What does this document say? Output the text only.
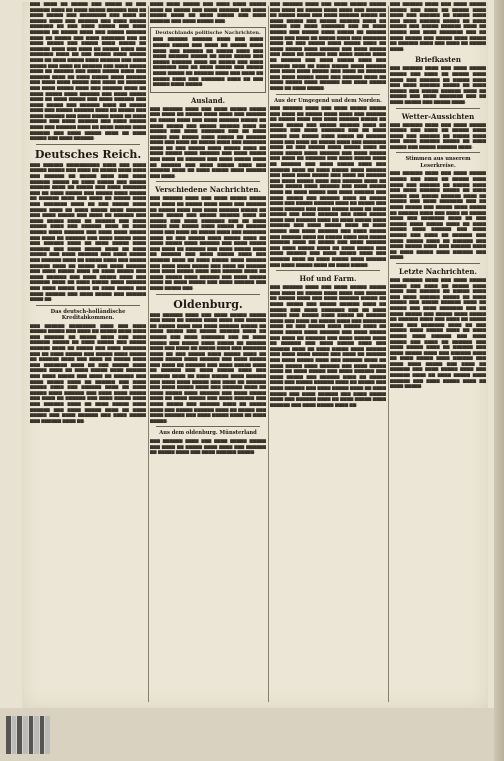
▆▆▆ ▆▆▆▆ ▆▆ ▆▆▆▆▆ ▆▆▆ ▆▆▆▆▆ ▆▆ ▆▆▆ ▆▆▆▆▆▆ ▆▆▆▆ ▆▆ ▆▆▆▆ ▆▆▆▆▆ ▆▆▆▆▆▆ ▆▆▆ ▆▆ ▆▆▆▆ ▆▆▆▆▆ ▆▆▆ ▆▆▆▆▆▆▆▆ ▆▆▆ ▆▆▆▆ ▆▆ ▆▆▆▆▆ ▆▆▆▆ ▆▆▆ ▆▆▆▆▆▆ ▆▆▆ ▆▆▆▆ ▆▆▆▆▆ ▆▆▆▆▆▆▆ ▆▆ ▆▆▆ ▆▆▆▆ ▆▆▆▆▆ ▆▆▆ ▆▆▆▆ ▆▆▆▆▆▆ ▆▆ ▆▆▆▆▆ ▆▆▆▆ ▆▆▆ ▆▆▆▆▆ ▆▆▆▆▆▆ ▆▆▆▆ ▆▆ ▆▆▆▆▆ ▆▆▆ ▆▆▆▆ ▆▆▆▆▆▆▆ ▆▆▆ ▆▆ ▆▆▆▆ ▆▆▆▆▆ ▆▆▆ ▆▆▆▆▆ ▆▆▆▆ ▆▆▆▆▆ ▆▆ ▆▆▆▆▆▆ ▆▆▆▆ ▆▆▆ ▆▆▆▆ ▆▆ ▆▆▆▆▆ ▆▆▆▆ ▆▆▆ ▆▆▆▆▆▆▆ ▆▆▆▆ ▆▆ ▆▆▆ ▆▆▆▆▆ ▆▆▆▆ ▆▆▆▆▆ ▆▆▆▆ ▆▆ ▆▆▆▆ ▆▆▆▆▆ ▆▆▆▆ ▆▆▆▆▆▆ ▆▆▆ ▆▆▆▆ ▆▆▆▆▆ ▆▆▆ ▆▆▆▆ ▆▆ ▆▆▆▆▆▆ ▆▆▆ ▆▆▆▆ ▆▆▆▆▆ ▆▆▆▆ ▆▆ ▆▆▆▆▆▆ ▆▆▆ ▆▆▆▆ ▆▆▆▆▆ ▆▆▆▆ ▆▆▆ ▆▆▆▆▆▆ ▆▆▆▆ ▆▆ ▆▆▆▆ ▆▆▆▆▆ ▆▆▆▆ ▆▆▆▆▆▆ ▆▆▆ ▆▆▆▆ ▆▆▆▆ ▆▆▆▆▆ ▆▆▆ ▆▆▆▆ ▆▆ ▆▆▆▆▆▆ ▆▆▆ ▆▆▆▆ ▆▆▆▆▆ ▆▆▆▆ ▆▆▆ ▆▆▆▆▆▆ ▆▆▆▆ ▆▆ ▆▆▆▆ ▆▆▆▆▆ ▆▆▆▆ ▆▆▆▆▆▆ ▆▆▆ ▆▆▆▆ ▆▆▆▆▆ ▆▆▆▆ ▆▆ ▆▆▆▆ ▆▆▆▆▆ ▆▆▆ ▆▆▆▆ ▆▆▆▆▆▆ ▆▆▆ ▆▆▆▆ ▆▆▆▆▆ ▆▆▆ ▆▆▆▆▆▆ ▆▆▆▆ ▆▆ ▆▆▆▆▆ ▆▆▆▆ ▆▆▆ ▆▆▆▆▆ ▆▆▆▆▆▆ ▆▆▆▆ ▆▆ ▆▆▆▆▆ ▆▆▆ ▆▆▆▆ ▆▆▆▆▆▆ ▆▆▆ ▆▆▆▆ ▆▆▆▆▆ ▆▆▆▆ ▆▆ ▆▆▆▆ ▆▆▆▆▆ ▆▆▆ ▆▆▆▆ ▆▆▆▆▆▆ ▆▆▆ ▆▆▆▆ ▆▆▆▆▆ ▆▆▆▆ ▆▆▆ ▆▆▆▆▆▆ ▆▆▆▆ ▆▆ ▆▆▆▆ ▆▆▆▆▆ ▆▆▆▆ ▆▆▆▆▆▆ ▆▆▆ ▆▆▆▆ ▆▆▆▆▆ ▆▆▆▆ ▆▆ ▆▆▆▆ ▆▆▆▆▆ ▆▆▆ ▆▆▆▆ ▆▆▆▆▆▆.

Deutsches Reich.

▆▆▆ ▆▆▆▆▆▆ ▆▆▆▆▆▆▆▆▆▆ ▆▆▆▆ ▆▆▆ ▆▆▆▆ ▆▆▆▆▆ ▆▆▆▆▆ ▆▆▆ ▆▆▆▆ ▆▆ ▆▆▆▆▆ ▆▆▆▆ ▆▆▆▆ ▆▆▆ ▆▆▆▆▆▆ ▆▆ ▆▆▆▆▆ ▆▆▆▆ ▆▆▆ ▆▆▆▆ ▆▆▆▆▆▆ ▆▆▆▆▆ ▆▆ ▆▆▆▆ ▆▆▆▆▆ ▆▆▆ ▆▆▆▆▆ ▆▆▆▆▆▆ ▆▆▆▆ ▆▆ ▆▆▆▆▆ ▆▆▆ ▆▆▆▆ ▆▆▆▆▆▆▆ ▆▆▆ ▆▆ ▆▆▆▆ ▆▆▆▆▆ ▆▆▆ ▆▆▆▆▆ ▆▆▆▆ ▆▆▆▆▆ ▆▆ ▆▆▆▆▆▆ ▆▆▆▆ ▆▆▆ ▆▆▆▆ ▆▆ ▆▆▆▆▆ ▆▆▆▆ ▆▆▆ ▆▆▆▆▆▆▆ ▆▆▆▆ ▆▆ ▆▆▆ ▆▆▆▆▆ ▆▆▆▆ ▆▆▆▆▆ ▆▆▆▆ ▆▆ ▆▆▆▆ ▆▆▆▆▆ ▆▆▆▆ ▆▆▆▆▆▆ ▆▆▆ ▆▆▆▆ ▆▆▆▆▆ ▆▆▆ ▆▆▆▆ ▆▆ ▆▆▆▆▆▆ ▆▆▆ ▆▆▆▆ ▆▆▆▆▆ ▆▆▆▆ ▆▆ ▆▆▆▆▆▆ ▆▆▆ ▆▆▆▆ ▆▆▆▆▆ ▆▆▆▆ ▆▆▆ ▆▆▆▆▆▆ ▆▆▆▆ ▆▆ ▆▆▆▆ ▆▆▆▆▆ ▆▆▆▆ ▆▆▆▆▆▆ ▆▆▆ ▆▆▆▆ ▆▆▆▆ ▆▆▆▆▆ ▆▆▆ ▆▆▆▆ ▆▆ ▆▆▆▆▆▆ ▆▆▆ ▆▆▆▆ ▆▆▆▆▆ ▆▆▆▆ ▆▆▆ ▆▆▆▆▆▆ ▆▆▆▆ ▆▆ ▆▆▆▆ ▆▆▆▆▆ ▆▆▆▆ ▆▆▆▆▆▆ ▆▆▆ ▆▆▆▆ ▆▆▆▆▆ ▆▆▆▆ ▆▆ ▆▆▆▆ ▆▆▆▆▆ ▆▆▆ ▆▆▆▆ ▆▆▆▆▆▆ ▆▆▆ ▆▆▆▆ ▆▆▆▆▆ ▆▆▆ ▆▆▆▆▆▆ ▆▆▆▆ ▆▆ ▆▆▆▆▆ ▆▆▆▆ ▆▆▆ ▆▆▆▆▆ ▆▆▆▆▆▆ ▆▆▆▆ ▆▆ ▆▆▆▆▆ ▆▆▆ ▆▆▆▆ ▆▆▆▆▆▆ ▆▆▆ ▆▆▆▆ ▆▆▆▆▆ ▆▆▆▆ ▆▆ ▆▆▆▆ ▆▆▆▆▆ ▆▆▆ ▆▆▆▆ ▆▆▆▆▆▆ ▆▆▆ ▆▆▆▆ ▆▆▆▆▆ ▆▆▆▆ ▆▆▆ ▆▆▆▆▆▆ ▆▆▆▆ ▆▆ ▆▆▆▆ ▆▆▆▆▆ ▆▆▆▆ ▆▆▆▆▆▆ ▆▆▆ ▆▆▆▆ ▆▆▆▆▆ ▆▆▆▆ ▆▆ ▆▆▆▆ ▆▆▆▆▆ ▆▆▆ ▆▆▆▆ ▆▆▆▆▆▆ ▆▆▆ ▆▆▆▆ ▆▆▆▆▆ ▆▆▆ ▆▆▆▆▆▆ ▆▆▆▆ ▆▆.

Das deutsch-holländische Kreditabkommen.

▆▆▆ ▆▆▆▆▆▆ ▆▆▆▆▆▆▆▆ ▆▆▆▆ ▆▆▆ ▆▆▆▆ ▆▆▆▆▆ ▆▆▆▆▆ ▆▆▆ ▆▆▆▆ ▆▆ ▆▆▆▆▆ ▆▆▆▆ ▆▆▆▆ ▆▆▆ ▆▆▆▆▆▆ ▆▆ ▆▆▆▆▆ ▆▆▆▆ ▆▆▆ ▆▆▆▆ ▆▆▆▆▆▆ ▆▆▆▆▆ ▆▆ ▆▆▆▆ ▆▆▆▆▆ ▆▆▆ ▆▆▆▆▆ ▆▆▆▆▆▆ ▆▆▆▆ ▆▆ ▆▆▆▆▆ ▆▆▆ ▆▆▆▆ ▆▆▆▆▆▆▆ ▆▆▆ ▆▆ ▆▆▆▆ ▆▆▆▆▆ ▆▆▆ ▆▆▆▆▆ ▆▆▆▆ ▆▆▆▆▆ ▆▆ ▆▆▆▆▆▆ ▆▆▆▆ ▆▆▆ ▆▆▆▆ ▆▆ ▆▆▆▆▆ ▆▆▆▆ ▆▆▆ ▆▆▆▆▆▆▆ ▆▆▆▆ ▆▆ ▆▆▆ ▆▆▆▆▆ ▆▆▆▆ ▆▆▆▆▆ ▆▆▆▆ ▆▆ ▆▆▆▆ ▆▆▆▆▆ ▆▆▆▆ ▆▆▆▆▆▆ ▆▆▆ ▆▆▆▆ ▆▆▆▆▆ ▆▆▆ ▆▆▆▆ ▆▆ ▆▆▆▆▆▆ ▆▆▆ ▆▆▆▆ ▆▆▆▆▆ ▆▆▆▆ ▆▆ ▆▆▆▆▆▆ ▆▆▆ ▆▆▆▆ ▆▆▆▆▆ ▆▆▆▆ ▆▆▆ ▆▆▆▆▆▆ ▆▆▆▆ ▆▆ ▆▆▆▆ ▆▆▆▆▆ ▆▆▆▆ ▆▆▆▆▆▆ ▆▆▆ ▆▆▆▆ ▆▆▆▆ ▆▆▆▆▆ ▆▆▆ ▆▆▆▆ ▆▆ ▆▆▆▆▆▆ ▆▆▆ ▆▆▆▆ ▆▆▆▆▆ ▆▆▆▆ ▆▆▆ ▆▆▆▆▆▆ ▆▆▆▆ ▆▆ ▆▆▆▆ ▆▆▆▆▆ ▆▆▆▆ ▆▆▆▆▆▆ ▆▆▆ ▆▆▆▆ ▆▆▆▆▆ ▆▆▆▆ ▆▆ ▆▆▆▆ ▆▆▆▆▆ ▆▆▆ ▆▆▆▆ ▆▆▆▆▆▆ ▆▆▆ ▆▆▆▆ ▆▆▆▆▆ ▆▆▆ ▆▆▆▆▆▆ ▆▆▆▆ ▆▆.

▆▆▆▆ ▆▆▆▆ ▆▆▆▆▆ ▆▆▆ ▆▆▆▆ ▆▆▆▆ ▆▆▆▆▆ ▆▆▆▆ ▆▆ ▆▆▆▆▆ ▆▆▆ ▆▆▆▆ ▆▆▆▆▆▆ ▆▆▆ ▆▆▆▆ ▆▆▆▆▆ ▆▆▆▆ ▆▆ ▆▆▆▆ ▆▆▆▆▆ ▆▆▆ ▆▆▆▆ ▆▆▆▆▆▆ ▆▆▆ ▆▆▆▆ ▆▆▆▆▆ ▆▆▆.

Deutschlands politische Nachrichten.

▆▆▆ ▆▆▆▆▆▆ ▆▆▆▆▆▆ ▆▆▆▆ ▆▆▆ ▆▆▆▆ ▆▆▆▆▆ ▆▆▆▆▆ ▆▆▆ ▆▆▆▆ ▆▆ ▆▆▆▆▆ ▆▆▆▆ ▆▆▆▆ ▆▆▆ ▆▆▆▆▆▆ ▆▆ ▆▆▆▆▆ ▆▆▆▆ ▆▆▆ ▆▆▆▆ ▆▆▆▆▆▆ ▆▆▆▆▆ ▆▆ ▆▆▆▆ ▆▆▆▆▆ ▆▆▆ ▆▆▆▆▆ ▆▆▆▆▆▆ ▆▆▆▆ ▆▆ ▆▆▆▆▆ ▆▆▆ ▆▆▆▆ ▆▆▆▆▆▆▆ ▆▆▆ ▆▆ ▆▆▆▆ ▆▆▆▆▆ ▆▆▆ ▆▆▆▆▆ ▆▆▆▆ ▆▆▆▆▆ ▆▆ ▆▆▆▆▆▆ ▆▆▆▆ ▆▆▆ ▆▆▆▆ ▆▆ ▆▆▆▆▆ ▆▆▆▆ ▆▆▆ ▆▆▆▆▆▆▆ ▆▆▆▆ ▆▆ ▆▆▆ ▆▆▆▆▆ ▆▆▆▆ ▆▆▆▆▆.

Ausland.

▆▆▆ ▆▆▆▆▆▆ ▆▆▆▆ ▆▆▆ ▆▆▆▆ ▆▆▆▆▆ ▆▆▆▆▆ ▆▆▆ ▆▆▆▆ ▆▆ ▆▆▆▆▆ ▆▆▆▆ ▆▆▆▆ ▆▆▆ ▆▆▆▆▆▆ ▆▆ ▆▆▆▆▆ ▆▆▆▆ ▆▆▆ ▆▆▆▆ ▆▆▆▆▆▆ ▆▆▆▆▆ ▆▆ ▆▆▆▆ ▆▆▆▆▆ ▆▆▆ ▆▆▆▆▆ ▆▆▆▆▆▆ ▆▆▆▆ ▆▆ ▆▆▆▆▆ ▆▆▆ ▆▆▆▆ ▆▆▆▆▆▆▆ ▆▆▆ ▆▆ ▆▆▆▆ ▆▆▆▆▆ ▆▆▆ ▆▆▆▆▆ ▆▆▆▆ ▆▆▆▆▆ ▆▆ ▆▆▆▆▆▆ ▆▆▆▆ ▆▆▆ ▆▆▆▆ ▆▆ ▆▆▆▆▆ ▆▆▆▆ ▆▆▆ ▆▆▆▆▆▆▆ ▆▆▆▆ ▆▆ ▆▆▆ ▆▆▆▆▆ ▆▆▆▆ ▆▆▆▆▆ ▆▆▆▆ ▆▆ ▆▆▆▆ ▆▆▆▆▆ ▆▆▆▆ ▆▆▆▆▆▆ ▆▆▆ ▆▆▆▆ ▆▆▆▆▆ ▆▆▆ ▆▆▆▆ ▆▆ ▆▆▆▆▆▆ ▆▆▆ ▆▆▆▆ ▆▆▆▆▆ ▆▆▆▆ ▆▆ ▆▆▆▆▆▆ ▆▆▆ ▆▆▆▆ ▆▆▆▆▆ ▆▆▆▆ ▆▆▆ ▆▆▆▆▆▆ ▆▆▆▆ ▆▆ ▆▆▆▆ ▆▆▆▆▆ ▆▆▆▆ ▆▆▆▆▆▆ ▆▆▆ ▆▆▆▆.

Verschiedene Nachrichten.

▆▆▆ ▆▆▆▆▆▆ ▆▆▆▆ ▆▆▆ ▆▆▆▆ ▆▆▆▆▆ ▆▆▆▆▆ ▆▆▆ ▆▆▆▆ ▆▆ ▆▆▆▆▆ ▆▆▆▆ ▆▆▆▆ ▆▆▆ ▆▆▆▆▆▆ ▆▆ ▆▆▆▆▆ ▆▆▆▆ ▆▆▆ ▆▆▆▆ ▆▆▆▆▆▆ ▆▆▆▆▆ ▆▆ ▆▆▆▆ ▆▆▆▆▆ ▆▆▆ ▆▆▆▆▆ ▆▆▆▆▆▆ ▆▆▆▆ ▆▆ ▆▆▆▆▆ ▆▆▆ ▆▆▆▆ ▆▆▆▆▆▆▆ ▆▆▆ ▆▆ ▆▆▆▆ ▆▆▆▆▆ ▆▆▆ ▆▆▆▆▆ ▆▆▆▆ ▆▆▆▆▆ ▆▆ ▆▆▆▆▆▆ ▆▆▆▆ ▆▆▆ ▆▆▆▆ ▆▆ ▆▆▆▆▆ ▆▆▆▆ ▆▆▆ ▆▆▆▆▆▆▆ ▆▆▆▆ ▆▆ ▆▆▆ ▆▆▆▆▆ ▆▆▆▆ ▆▆▆▆▆ ▆▆▆▆ ▆▆ ▆▆▆▆ ▆▆▆▆▆ ▆▆▆▆ ▆▆▆▆▆▆ ▆▆▆ ▆▆▆▆ ▆▆▆▆▆ ▆▆▆ ▆▆▆▆ ▆▆ ▆▆▆▆▆▆ ▆▆▆ ▆▆▆▆ ▆▆▆▆▆ ▆▆▆▆ ▆▆ ▆▆▆▆▆▆ ▆▆▆ ▆▆▆▆ ▆▆▆▆▆ ▆▆▆▆ ▆▆▆ ▆▆▆▆▆▆ ▆▆▆▆ ▆▆ ▆▆▆▆ ▆▆▆▆▆ ▆▆▆▆ ▆▆▆▆▆▆ ▆▆▆ ▆▆▆▆ ▆▆▆▆ ▆▆▆▆▆ ▆▆▆ ▆▆▆▆ ▆▆ ▆▆▆▆▆▆ ▆▆▆ ▆▆▆▆ ▆▆▆▆▆ ▆▆▆▆ ▆▆▆ ▆▆▆▆▆▆ ▆▆▆▆ ▆▆ ▆▆▆▆ ▆▆▆▆▆ ▆▆▆▆ ▆▆▆▆▆▆ ▆▆▆ ▆▆▆▆ ▆▆▆▆▆ ▆▆▆▆ ▆▆ ▆▆▆▆ ▆▆▆▆▆ ▆▆▆ ▆▆▆▆ ▆▆▆▆▆▆ ▆▆▆ ▆▆▆▆ ▆▆▆▆▆ ▆▆▆.

Oldenburg.

▆▆▆ ▆▆▆▆▆▆ ▆▆▆▆ ▆▆▆ ▆▆▆▆ ▆▆▆▆▆ ▆▆▆▆▆ ▆▆▆ ▆▆▆▆ ▆▆ ▆▆▆▆▆ ▆▆▆▆ ▆▆▆▆ ▆▆▆ ▆▆▆▆▆▆ ▆▆ ▆▆▆▆▆ ▆▆▆▆ ▆▆▆ ▆▆▆▆ ▆▆▆▆▆▆ ▆▆▆▆▆ ▆▆ ▆▆▆▆ ▆▆▆▆▆ ▆▆▆ ▆▆▆▆▆ ▆▆▆▆▆▆ ▆▆▆▆ ▆▆ ▆▆▆▆▆ ▆▆▆ ▆▆▆▆ ▆▆▆▆▆▆▆ ▆▆▆ ▆▆ ▆▆▆▆ ▆▆▆▆▆ ▆▆▆ ▆▆▆▆▆ ▆▆▆▆ ▆▆▆▆▆ ▆▆ ▆▆▆▆▆▆ ▆▆▆▆ ▆▆▆ ▆▆▆▆ ▆▆ ▆▆▆▆▆ ▆▆▆▆ ▆▆▆ ▆▆▆▆▆▆▆ ▆▆▆▆ ▆▆ ▆▆▆ ▆▆▆▆▆ ▆▆▆▆ ▆▆▆▆▆ ▆▆▆▆ ▆▆ ▆▆▆▆ ▆▆▆▆▆ ▆▆▆▆ ▆▆▆▆▆▆ ▆▆▆ ▆▆▆▆ ▆▆▆▆▆ ▆▆▆ ▆▆▆▆ ▆▆ ▆▆▆▆▆▆ ▆▆▆ ▆▆▆▆ ▆▆▆▆▆ ▆▆▆▆ ▆▆ ▆▆▆▆▆▆ ▆▆▆ ▆▆▆▆ ▆▆▆▆▆ ▆▆▆▆ ▆▆▆ ▆▆▆▆▆▆ ▆▆▆▆ ▆▆ ▆▆▆▆ ▆▆▆▆▆ ▆▆▆▆ ▆▆▆▆▆▆ ▆▆▆ ▆▆▆▆ ▆▆▆▆ ▆▆▆▆▆ ▆▆▆ ▆▆▆▆ ▆▆ ▆▆▆▆▆▆ ▆▆▆ ▆▆▆▆ ▆▆▆▆▆ ▆▆▆▆ ▆▆▆ ▆▆▆▆▆▆ ▆▆▆▆ ▆▆ ▆▆▆▆ ▆▆▆▆▆ ▆▆▆▆ ▆▆▆▆▆▆ ▆▆▆ ▆▆▆▆ ▆▆▆▆▆ ▆▆▆▆ ▆▆ ▆▆▆▆ ▆▆▆▆▆ ▆▆▆ ▆▆▆▆ ▆▆▆▆▆▆ ▆▆▆ ▆▆▆▆ ▆▆▆▆▆ ▆▆▆ ▆▆▆▆▆▆ ▆▆▆▆ ▆▆ ▆▆▆▆▆ ▆▆▆▆ ▆▆▆ ▆▆▆▆▆ ▆▆▆▆▆▆ ▆▆▆▆ ▆▆ ▆▆▆▆▆ ▆▆▆ ▆▆▆▆ ▆▆▆▆▆▆ ▆▆▆ ▆▆▆▆ ▆▆▆▆▆ ▆▆▆▆ ▆▆ ▆▆▆▆ ▆▆▆▆▆.

Aus dem oldenburg. Münsterland

▆▆▆ ▆▆▆▆▆▆ ▆▆▆▆ ▆▆▆ ▆▆▆▆ ▆▆▆▆▆ ▆▆▆▆▆ ▆▆▆ ▆▆▆▆ ▆▆ ▆▆▆▆▆ ▆▆▆▆ ▆▆▆▆ ▆▆▆ ▆▆▆▆▆▆ ▆▆ ▆▆▆▆▆ ▆▆▆▆ ▆▆▆ ▆▆▆▆ ▆▆▆▆▆▆ ▆▆▆▆▆.

▆▆▆ ▆▆▆▆▆▆ ▆▆▆▆ ▆▆▆ ▆▆▆▆ ▆▆▆▆▆ ▆▆▆▆▆ ▆▆▆ ▆▆▆▆ ▆▆ ▆▆▆▆▆ ▆▆▆▆ ▆▆▆▆ ▆▆▆ ▆▆▆▆▆▆ ▆▆ ▆▆▆▆▆ ▆▆▆▆ ▆▆▆ ▆▆▆▆ ▆▆▆▆▆▆ ▆▆▆▆▆ ▆▆ ▆▆▆▆ ▆▆▆▆▆ ▆▆▆ ▆▆▆▆▆ ▆▆▆▆▆▆ ▆▆▆▆ ▆▆ ▆▆▆▆▆ ▆▆▆ ▆▆▆▆ ▆▆▆▆▆▆▆ ▆▆▆ ▆▆ ▆▆▆▆ ▆▆▆▆▆ ▆▆▆ ▆▆▆▆▆ ▆▆▆▆ ▆▆▆▆▆ ▆▆ ▆▆▆▆▆▆ ▆▆▆▆ ▆▆▆ ▆▆▆▆ ▆▆ ▆▆▆▆▆ ▆▆▆▆ ▆▆▆ ▆▆▆▆▆▆▆ ▆▆▆▆ ▆▆ ▆▆▆ ▆▆▆▆▆ ▆▆▆▆ ▆▆▆▆▆ ▆▆▆▆ ▆▆ ▆▆▆▆ ▆▆▆▆▆ ▆▆▆▆ ▆▆▆▆▆▆ ▆▆▆ ▆▆▆▆ ▆▆▆▆▆ ▆▆▆ ▆▆▆▆ ▆▆ ▆▆▆▆▆▆ ▆▆▆ ▆▆▆▆ ▆▆▆▆▆ ▆▆▆▆ ▆▆ ▆▆▆▆▆▆ ▆▆▆ ▆▆▆▆ ▆▆▆▆▆ ▆▆▆▆ ▆▆▆ ▆▆▆▆▆▆ ▆▆▆▆ ▆▆ ▆▆▆▆ ▆▆▆▆▆ ▆▆▆▆ ▆▆▆▆▆▆ ▆▆▆ ▆▆▆▆ ▆▆▆▆ ▆▆▆▆▆ ▆▆▆ ▆▆▆▆ ▆▆ ▆▆▆▆▆▆ ▆▆▆ ▆▆▆▆ ▆▆▆▆▆ ▆▆▆▆ ▆▆▆ ▆▆▆▆▆▆ ▆▆▆▆ ▆▆ ▆▆▆▆ ▆▆▆▆▆ ▆▆▆▆ ▆▆▆▆▆▆ ▆▆▆ ▆▆▆▆ ▆▆▆▆▆ ▆▆▆▆ ▆▆ ▆▆▆▆ ▆▆▆▆▆.

Aus der Umgegend und dem Norden.

▆▆▆ ▆▆▆▆▆▆ ▆▆▆▆ ▆▆▆ ▆▆▆▆ ▆▆▆▆▆ ▆▆▆▆▆ ▆▆▆ ▆▆▆▆ ▆▆ ▆▆▆▆▆ ▆▆▆▆ ▆▆▆▆ ▆▆▆ ▆▆▆▆▆▆ ▆▆ ▆▆▆▆▆ ▆▆▆▆ ▆▆▆ ▆▆▆▆ ▆▆▆▆▆▆ ▆▆▆▆▆ ▆▆ ▆▆▆▆ ▆▆▆▆▆ ▆▆▆ ▆▆▆▆▆ ▆▆▆▆▆▆ ▆▆▆▆ ▆▆ ▆▆▆▆▆ ▆▆▆ ▆▆▆▆ ▆▆▆▆▆▆▆ ▆▆▆ ▆▆ ▆▆▆▆ ▆▆▆▆▆ ▆▆▆ ▆▆▆▆▆ ▆▆▆▆ ▆▆▆▆▆ ▆▆ ▆▆▆▆▆▆ ▆▆▆▆ ▆▆▆ ▆▆▆▆ ▆▆ ▆▆▆▆▆ ▆▆▆▆ ▆▆▆ ▆▆▆▆▆▆▆ ▆▆▆▆ ▆▆ ▆▆▆ ▆▆▆▆▆ ▆▆▆▆ ▆▆▆▆▆ ▆▆▆▆ ▆▆ ▆▆▆▆ ▆▆▆▆▆ ▆▆▆▆ ▆▆▆▆▆▆ ▆▆▆ ▆▆▆▆ ▆▆▆▆▆ ▆▆▆ ▆▆▆▆ ▆▆ ▆▆▆▆▆▆ ▆▆▆ ▆▆▆▆ ▆▆▆▆▆ ▆▆▆▆ ▆▆ ▆▆▆▆▆▆ ▆▆▆ ▆▆▆▆ ▆▆▆▆▆ ▆▆▆▆ ▆▆▆ ▆▆▆▆▆▆ ▆▆▆▆ ▆▆ ▆▆▆▆ ▆▆▆▆▆ ▆▆▆▆ ▆▆▆▆▆▆ ▆▆▆ ▆▆▆▆ ▆▆▆▆ ▆▆▆▆▆ ▆▆▆ ▆▆▆▆ ▆▆ ▆▆▆▆▆▆ ▆▆▆ ▆▆▆▆ ▆▆▆▆▆ ▆▆▆▆ ▆▆▆ ▆▆▆▆▆▆ ▆▆▆▆ ▆▆ ▆▆▆▆ ▆▆▆▆▆ ▆▆▆▆ ▆▆▆▆▆▆ ▆▆▆ ▆▆▆▆ ▆▆▆▆▆ ▆▆▆▆ ▆▆ ▆▆▆▆ ▆▆▆▆▆ ▆▆▆ ▆▆▆▆ ▆▆▆▆▆▆ ▆▆▆ ▆▆▆▆ ▆▆▆▆▆ ▆▆▆ ▆▆▆▆▆▆ ▆▆▆▆ ▆▆ ▆▆▆▆▆ ▆▆▆▆ ▆▆▆ ▆▆▆▆▆ ▆▆▆▆▆▆ ▆▆▆▆ ▆▆ ▆▆▆▆▆ ▆▆▆ ▆▆▆▆ ▆▆▆▆▆▆ ▆▆▆ ▆▆▆▆ ▆▆▆▆▆ ▆▆▆▆ ▆▆ ▆▆▆▆ ▆▆▆▆▆ ▆▆▆ ▆▆▆▆ ▆▆▆▆▆▆ ▆▆▆ ▆▆▆▆ ▆▆▆▆▆ ▆▆▆▆ ▆▆▆ ▆▆▆▆▆▆ ▆▆▆▆ ▆▆ ▆▆▆▆ ▆▆▆▆▆ ▆▆▆▆ ▆▆▆▆▆▆ ▆▆▆ ▆▆▆▆ ▆▆▆▆▆ ▆▆▆▆ ▆▆ ▆▆▆▆ ▆▆▆▆▆ ▆▆▆ ▆▆▆▆ ▆▆▆▆▆▆ ▆▆▆ ▆▆▆▆ ▆▆▆▆▆ ▆▆▆ ▆▆▆▆▆▆ ▆▆▆▆ ▆▆ ▆▆▆▆▆ ▆▆▆▆ ▆▆▆ ▆▆▆▆▆ ▆▆▆▆▆▆ ▆▆▆▆ ▆▆ ▆▆▆▆▆ ▆▆▆ ▆▆▆▆ ▆▆▆▆▆▆ ▆▆▆ ▆▆▆▆ ▆▆▆▆▆ ▆▆▆▆ ▆▆ ▆▆▆▆ ▆▆▆▆▆ ▆▆▆ ▆▆▆▆ ▆▆▆▆▆▆ ▆▆▆ ▆▆▆▆ ▆▆▆▆▆ ▆▆▆▆ ▆▆▆ ▆▆▆▆▆▆ ▆▆▆▆ ▆▆ ▆▆▆▆ ▆▆▆▆▆ ▆▆▆▆ ▆▆▆▆▆▆ ▆▆▆ ▆▆▆▆ ▆▆▆▆▆ ▆▆▆▆ ▆▆ ▆▆▆▆ ▆▆▆▆▆.

Hof und Farm.

▆▆▆ ▆▆▆▆▆▆ ▆▆▆▆ ▆▆▆ ▆▆▆▆ ▆▆▆▆▆ ▆▆▆▆▆ ▆▆▆ ▆▆▆▆ ▆▆ ▆▆▆▆▆ ▆▆▆▆ ▆▆▆▆ ▆▆▆ ▆▆▆▆▆▆ ▆▆ ▆▆▆▆▆ ▆▆▆▆ ▆▆▆ ▆▆▆▆ ▆▆▆▆▆▆ ▆▆▆▆▆ ▆▆ ▆▆▆▆ ▆▆▆▆▆ ▆▆▆ ▆▆▆▆▆ ▆▆▆▆▆▆ ▆▆▆▆ ▆▆ ▆▆▆▆▆ ▆▆▆ ▆▆▆▆ ▆▆▆▆▆▆▆ ▆▆▆ ▆▆ ▆▆▆▆ ▆▆▆▆▆ ▆▆▆ ▆▆▆▆▆ ▆▆▆▆ ▆▆▆▆▆ ▆▆ ▆▆▆▆▆▆ ▆▆▆▆ ▆▆▆ ▆▆▆▆ ▆▆ ▆▆▆▆▆ ▆▆▆▆ ▆▆▆ ▆▆▆▆▆▆▆ ▆▆▆▆ ▆▆ ▆▆▆ ▆▆▆▆▆ ▆▆▆▆ ▆▆▆▆▆ ▆▆▆▆ ▆▆ ▆▆▆▆ ▆▆▆▆▆ ▆▆▆▆ ▆▆▆▆▆▆ ▆▆▆ ▆▆▆▆ ▆▆▆▆▆ ▆▆▆ ▆▆▆▆ ▆▆ ▆▆▆▆▆▆ ▆▆▆ ▆▆▆▆ ▆▆▆▆▆ ▆▆▆▆ ▆▆ ▆▆▆▆▆▆ ▆▆▆ ▆▆▆▆ ▆▆▆▆▆ ▆▆▆▆ ▆▆▆ ▆▆▆▆▆▆ ▆▆▆▆ ▆▆ ▆▆▆▆ ▆▆▆▆▆ ▆▆▆▆ ▆▆▆▆▆▆ ▆▆▆ ▆▆▆▆ ▆▆▆▆ ▆▆▆▆▆ ▆▆▆ ▆▆▆▆ ▆▆ ▆▆▆▆▆▆ ▆▆▆ ▆▆▆▆ ▆▆▆▆▆ ▆▆▆▆ ▆▆▆ ▆▆▆▆▆▆ ▆▆▆▆ ▆▆ ▆▆▆▆ ▆▆▆▆▆ ▆▆▆▆ ▆▆▆▆▆▆ ▆▆▆ ▆▆▆▆ ▆▆▆▆▆ ▆▆▆▆ ▆▆ ▆▆▆▆ ▆▆▆▆▆ ▆▆▆ ▆▆▆▆ ▆▆▆▆▆▆ ▆▆▆ ▆▆▆▆ ▆▆▆▆▆ ▆▆▆ ▆▆▆▆▆▆ ▆▆▆▆ ▆▆ ▆▆▆▆▆ ▆▆▆▆ ▆▆▆ ▆▆▆▆▆ ▆▆▆▆▆▆ ▆▆▆▆ ▆▆ ▆▆▆▆▆ ▆▆▆ ▆▆▆▆ ▆▆▆▆▆▆ ▆▆▆ ▆▆▆▆ ▆▆▆▆▆ ▆▆▆▆ ▆▆ ▆▆▆▆ ▆▆▆▆▆ ▆▆▆ ▆▆▆▆ ▆▆▆▆▆▆ ▆▆▆ ▆▆▆▆ ▆▆▆▆▆ ▆▆▆▆ ▆▆▆ ▆▆▆▆▆▆ ▆▆▆▆ ▆▆ ▆▆▆▆ ▆▆▆▆▆ ▆▆▆▆ ▆▆▆▆▆▆ ▆▆▆ ▆▆▆▆ ▆▆▆▆▆ ▆▆▆▆ ▆▆.

▆▆▆ ▆▆▆▆▆▆ ▆▆▆▆ ▆▆▆ ▆▆▆▆ ▆▆▆▆▆ ▆▆▆▆▆ ▆▆▆ ▆▆▆▆ ▆▆ ▆▆▆▆▆ ▆▆▆▆ ▆▆▆▆ ▆▆▆ ▆▆▆▆▆▆ ▆▆ ▆▆▆▆▆ ▆▆▆▆ ▆▆▆ ▆▆▆▆ ▆▆▆▆▆▆ ▆▆▆▆▆ ▆▆ ▆▆▆▆ ▆▆▆▆▆ ▆▆▆ ▆▆▆▆▆ ▆▆▆▆▆▆ ▆▆▆▆ ▆▆ ▆▆▆▆▆ ▆▆▆ ▆▆▆▆ ▆▆▆▆▆▆▆ ▆▆▆ ▆▆ ▆▆▆▆ ▆▆▆▆▆ ▆▆▆ ▆▆▆▆▆ ▆▆▆▆ ▆▆▆▆▆ ▆▆ ▆▆▆▆▆▆ ▆▆▆▆ ▆▆▆ ▆▆▆▆ ▆▆ ▆▆▆▆▆ ▆▆▆▆.

Briefkasten

▆▆▆ ▆▆▆▆▆▆ ▆▆▆▆ ▆▆▆ ▆▆▆▆ ▆▆▆▆▆ ▆▆▆▆▆ ▆▆▆ ▆▆▆▆ ▆▆ ▆▆▆▆▆ ▆▆▆▆ ▆▆▆▆ ▆▆▆ ▆▆▆▆▆▆ ▆▆ ▆▆▆▆▆ ▆▆▆▆ ▆▆▆ ▆▆▆▆ ▆▆▆▆▆▆ ▆▆▆▆▆ ▆▆ ▆▆▆▆ ▆▆▆▆▆ ▆▆▆ ▆▆▆▆▆ ▆▆▆▆▆▆ ▆▆▆▆ ▆▆ ▆▆▆▆▆ ▆▆▆ ▆▆▆▆ ▆▆▆▆▆▆▆ ▆▆▆ ▆▆ ▆▆▆▆ ▆▆▆▆▆ ▆▆▆ ▆▆▆▆▆ ▆▆▆▆.

Wetter-Aussichten

▆▆▆ ▆▆▆▆▆▆ ▆▆▆▆ ▆▆▆ ▆▆▆▆ ▆▆▆▆▆ ▆▆▆▆▆ ▆▆▆ ▆▆▆▆ ▆▆ ▆▆▆▆▆ ▆▆▆▆ ▆▆▆▆ ▆▆▆ ▆▆▆▆▆▆ ▆▆ ▆▆▆▆▆ ▆▆▆▆ ▆▆▆ ▆▆▆▆ ▆▆▆▆▆▆ ▆▆▆▆▆ ▆▆ ▆▆▆▆ ▆▆▆▆▆ ▆▆▆ ▆▆▆▆▆ ▆▆▆▆▆▆ ▆▆▆▆.

Stimmen aus unserem Leserkreise.

▆▆▆ ▆▆▆▆▆▆ ▆▆▆▆ ▆▆▆ ▆▆▆▆ ▆▆▆▆▆ ▆▆▆▆▆ ▆▆▆ ▆▆▆▆ ▆▆ ▆▆▆▆▆ ▆▆▆▆ ▆▆▆▆ ▆▆▆ ▆▆▆▆▆▆ ▆▆ ▆▆▆▆▆ ▆▆▆▆ ▆▆▆ ▆▆▆▆ ▆▆▆▆▆▆ ▆▆▆▆▆ ▆▆ ▆▆▆▆ ▆▆▆▆▆ ▆▆▆ ▆▆▆▆▆ ▆▆▆▆▆▆ ▆▆▆▆ ▆▆ ▆▆▆▆▆ ▆▆▆ ▆▆▆▆ ▆▆▆▆▆▆▆ ▆▆▆ ▆▆ ▆▆▆▆ ▆▆▆▆▆ ▆▆▆ ▆▆▆▆▆ ▆▆▆▆ ▆▆▆▆▆ ▆▆ ▆▆▆▆▆▆ ▆▆▆▆ ▆▆▆ ▆▆▆▆ ▆▆ ▆▆▆▆▆ ▆▆▆▆ ▆▆▆ ▆▆▆▆▆▆▆ ▆▆▆▆ ▆▆ ▆▆▆ ▆▆▆▆▆ ▆▆▆▆ ▆▆▆▆▆ ▆▆▆▆ ▆▆ ▆▆▆▆ ▆▆▆▆▆ ▆▆▆▆ ▆▆▆▆▆▆ ▆▆▆ ▆▆▆▆ ▆▆▆▆▆ ▆▆▆ ▆▆▆▆ ▆▆ ▆▆▆▆▆▆ ▆▆▆ ▆▆▆▆ ▆▆▆▆▆ ▆▆▆▆ ▆▆ ▆▆▆▆▆▆ ▆▆▆ ▆▆▆▆ ▆▆▆▆▆ ▆▆▆▆ ▆▆▆ ▆▆▆▆▆▆ ▆▆▆▆ ▆▆ ▆▆▆▆ ▆▆▆▆▆ ▆▆▆▆ ▆▆▆▆▆▆ ▆▆▆ ▆▆▆▆.

Letzte Nachrichten.

▆▆▆ ▆▆▆▆▆▆ ▆▆▆▆ ▆▆▆ ▆▆▆▆ ▆▆▆▆▆ ▆▆▆▆▆ ▆▆▆ ▆▆▆▆ ▆▆ ▆▆▆▆▆ ▆▆▆▆ ▆▆▆▆ ▆▆▆ ▆▆▆▆▆▆ ▆▆ ▆▆▆▆▆ ▆▆▆▆ ▆▆▆ ▆▆▆▆ ▆▆▆▆▆▆ ▆▆▆▆▆ ▆▆ ▆▆▆▆ ▆▆▆▆▆ ▆▆▆ ▆▆▆▆▆ ▆▆▆▆▆▆ ▆▆▆▆ ▆▆ ▆▆▆▆▆ ▆▆▆ ▆▆▆▆ ▆▆▆▆▆▆▆ ▆▆▆ ▆▆ ▆▆▆▆ ▆▆▆▆▆ ▆▆▆ ▆▆▆▆▆ ▆▆▆▆ ▆▆▆▆▆ ▆▆ ▆▆▆▆▆▆ ▆▆▆▆ ▆▆▆ ▆▆▆▆ ▆▆ ▆▆▆▆▆ ▆▆▆▆ ▆▆▆ ▆▆▆▆▆▆▆ ▆▆▆▆ ▆▆ ▆▆▆ ▆▆▆▆▆ ▆▆▆▆ ▆▆▆▆▆ ▆▆▆▆ ▆▆ ▆▆▆▆ ▆▆▆▆▆ ▆▆▆▆ ▆▆▆▆▆▆ ▆▆▆ ▆▆▆▆ ▆▆▆▆▆ ▆▆▆ ▆▆▆▆ ▆▆ ▆▆▆▆▆▆ ▆▆▆ ▆▆▆▆ ▆▆▆▆▆ ▆▆▆▆ ▆▆ ▆▆▆▆▆▆ ▆▆▆ ▆▆▆▆ ▆▆▆▆▆ ▆▆▆▆ ▆▆▆ ▆▆▆▆▆▆ ▆▆▆▆ ▆▆ ▆▆▆▆ ▆▆▆▆▆ ▆▆▆▆ ▆▆▆▆▆▆ ▆▆▆ ▆▆▆▆ ▆▆▆▆ ▆▆▆▆▆ ▆▆▆ ▆▆▆▆ ▆▆ ▆▆▆▆▆▆ ▆▆▆ ▆▆▆▆ ▆▆▆▆▆ ▆▆▆▆ ▆▆▆ ▆▆▆▆▆▆ ▆▆▆▆ ▆▆ ▆▆▆▆ ▆▆▆▆▆ ▆▆▆▆ ▆▆▆▆▆▆ ▆▆▆ ▆▆▆▆ ▆▆▆▆▆ ▆▆▆▆ ▆▆ ▆▆▆▆ ▆▆▆▆▆.
